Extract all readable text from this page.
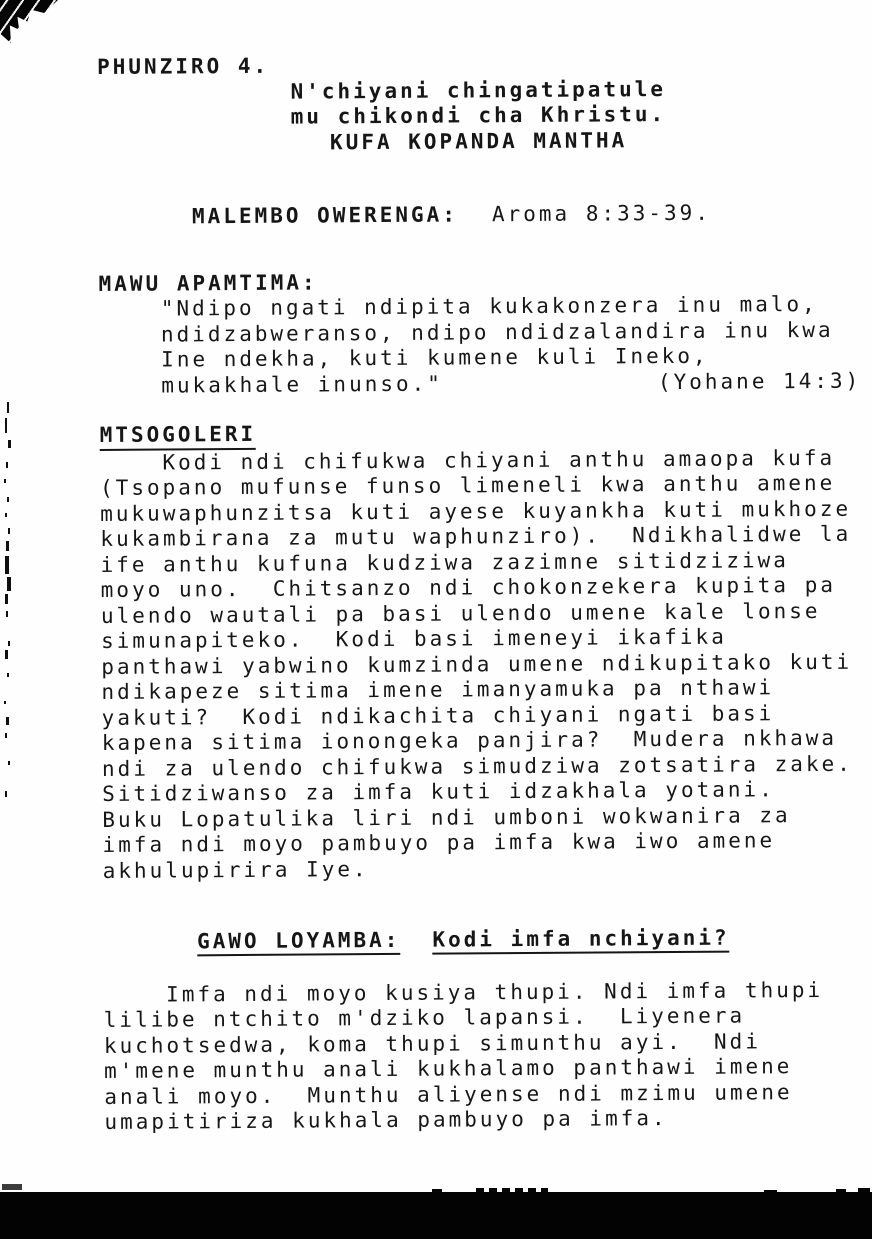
PHUNZIRO 4.
N'chiyani chingatipatule
mu chikondi cha Khristu.
KUFA KOPANDA MANTHA

MALEMBO OWERENGA: Aroma 8:33-39.

MAWU APAMTIMA:
"Ndipo ngati ndipita kukakonzera inu malo,
ndidzabweranso, ndipo ndidzalandira inu kwa
Ine ndekha, kuti kumene kuli Ineko,
mukakhale inunso."	(Yohane 14:3)
MTSOGOLERI
Kodi ndi chifukwa chiyani anthu amaopa kufa
(Tsopano mufunse funso limeneli kwa anthu amene
mukuwaphunzitsa kuti ayese kuyankha kuti mukhoze
kukambirana za mutu waphunziro).  Ndikhalidwe la
ife anthu kufuna kudziwa zazimne sitidziziwa
moyo uno.  Chitsanzo ndi chokonzekera kupita pa
ulendo wautali pa basi ulendo umene kale lonse
simunapiteko.  Kodi basi imeneyi ikafika
panthawi yabwino kumzinda umene ndikupitako kuti
ndikapeze sitima imene imanyamuka pa nthawi
yakuti?  Kodi ndikachita chiyani ngati basi
kapena sitima ionongeka panjira?  Mudera nkhawa
ndi za ulendo chifukwa simudziwa zotsatira zake.
Sitidziwanso za imfa kuti idzakhala yotani.
Buku Lopatulika liri ndi umboni wokwanira za
imfa ndi moyo pambuyo pa imfa kwa iwo amene
akhulupirira Iye.

GAWO LOYAMBA: Kodi imfa nchiyani?

Imfa ndi moyo kusiya thupi. Ndi imfa thupi
lilibe ntchito m'dziko lapansi.  Liyenera
kuchotsedwa, koma thupi simunthu ayi.  Ndi
m'mene munthu anali kukhalamo panthawi imene
anali moyo.  Munthu aliyense ndi mzimu umene
umapitiriza kukhala pambuyo pa imfa.
